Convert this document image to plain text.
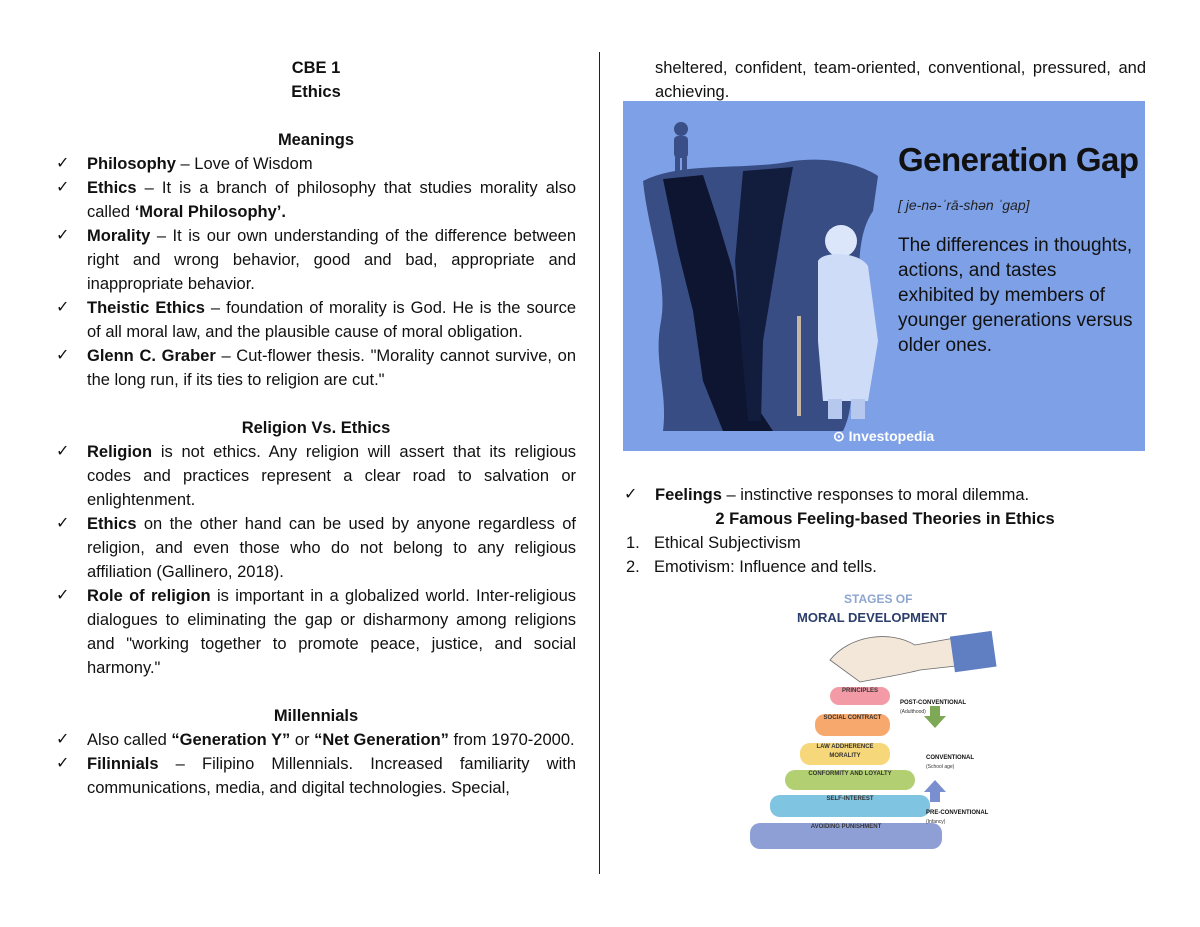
CBE 1
Ethics
Meanings
✓ Philosophy – Love of Wisdom
✓ Ethics – It is a branch of philosophy that studies morality also called ‘Moral Philosophy’.
✓ Morality – It is our own understanding of the difference between right and wrong behavior, good and bad, appropriate and inappropriate behavior.
✓ Theistic Ethics – foundation of morality is God. He is the source of all moral law, and the plausible cause of moral obligation.
✓ Glenn C. Graber – Cut-flower thesis. "Morality cannot survive, on the long run, if its ties to religion are cut."
Religion Vs. Ethics
✓ Religion is not ethics. Any religion will assert that its religious codes and practices represent a clear road to salvation or enlightenment.
✓ Ethics on the other hand can be used by anyone regardless of religion, and even those who do not belong to any religious affiliation (Gallinero, 2018).
✓ Role of religion is important in a globalized world. Inter-religious dialogues to eliminating the gap or disharmony among religions and "working together to promote peace, justice, and social harmony."
Millennials
✓ Also called “Generation Y” or “Net Generation” from 1970-2000.
✓ Filinnials – Filipino Millennials. Increased familiarity with communications, media, and digital technologies. Special,
sheltered, confident, team-oriented, conventional, pressured, and achieving.
Generation Gap
[ je-nə-ˈrā-shən ˈgap]
The differences in thoughts, actions, and tastes exhibited by members of younger generations versus older ones.
⊙ Investopedia
✓ Feelings – instinctive responses to moral dilemma.
2 Famous Feeling-based Theories in Ethics
1. Ethical Subjectivism
2. Emotivism: Influence and tells.
STAGES OF
MORAL DEVELOPMENT
PRINCIPLES
SOCIAL CONTRACT
LAW ADDHERENCE MORALITY
CONFORMITY AND LOYALTY
SELF-INTEREST
AVOIDING PUNISHMENT
POST-CONVENTIONAL
(Adulthood)
CONVENTIONAL
(School age)
PRE-CONVENTIONAL
(Infancy)
